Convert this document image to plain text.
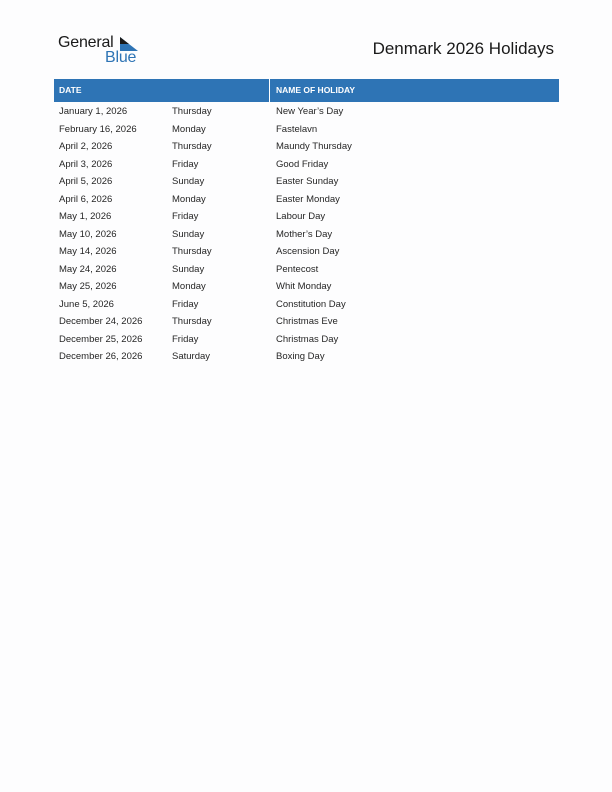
General
Blue	Denmark 2026 Holidays
DATE	NAME OF HOLIDAY
January 1, 2026	Thursday	New Year’s Day
February 16, 2026	Monday	Fastelavn
April 2, 2026	Thursday	Maundy Thursday
April 3, 2026	Friday	Good Friday
April 5, 2026	Sunday	Easter Sunday
April 6, 2026	Monday	Easter Monday
May 1, 2026	Friday	Labour Day
May 10, 2026	Sunday	Mother’s Day
May 14, 2026	Thursday	Ascension Day
May 24, 2026	Sunday	Pentecost
May 25, 2026	Monday	Whit Monday
June 5, 2026	Friday	Constitution Day
December 24, 2026	Thursday	Christmas Eve
December 25, 2026	Friday	Christmas Day
December 26, 2026	Saturday	Boxing Day
